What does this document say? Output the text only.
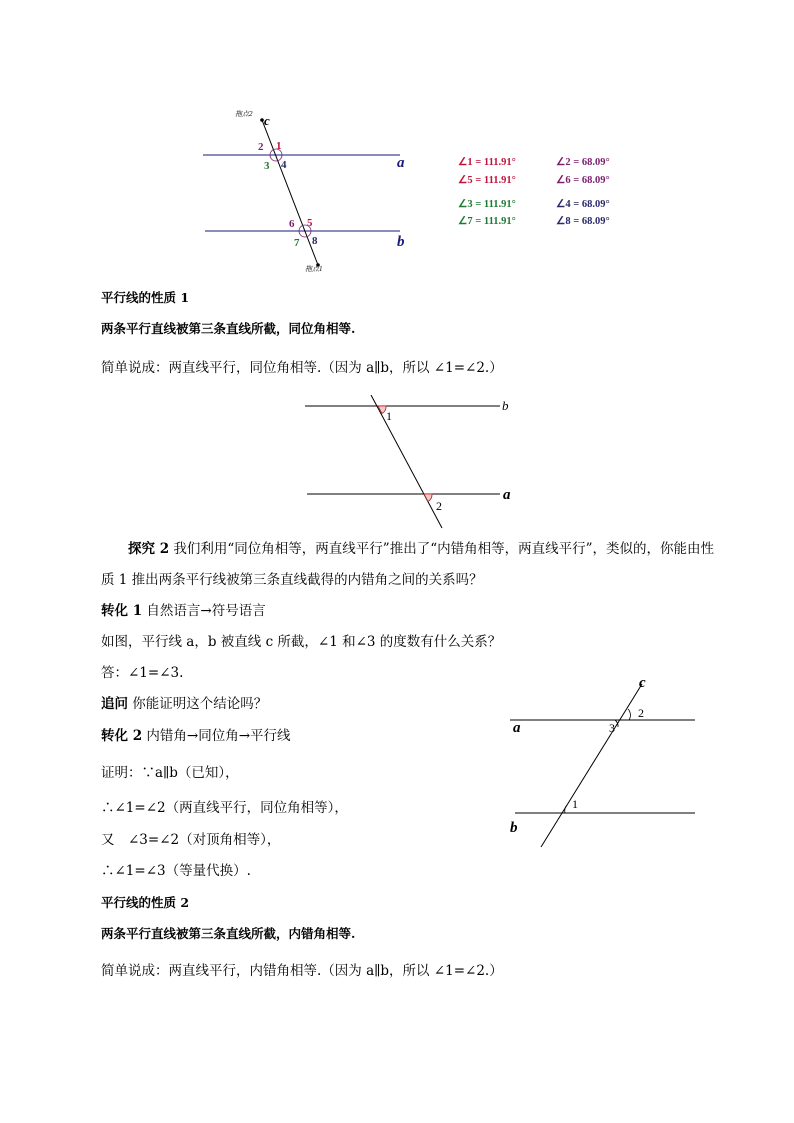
拖点2
拖点1
c
a
b
1
2
3 4
5
6
7 8
∠1 = 111.91°	∠2 = 68.09°
∠5 = 111.91°	∠6 = 68.09°
∠3 = 111.91°	∠4 = 68.09°
∠7 = 111.91°	∠8 = 68.09°
平行线的性质 1
两条平行直线被第三条直线所截，同位角相等.
简单说成：两直线平行，同位角相等.（因为 a∥b，所以 ∠1=∠2.）
b
a
1
2
探究 2 我们利用“同位角相等，两直线平行”推出了“内错角相等，两直线平行”，类似的，你能由性
质 1 推出两条平行线被第三条直线截得的内错角之间的关系吗？
转化 1 自然语言→符号语言
如图，平行线 a，b 被直线 c 所截，∠1 和∠3 的度数有什么关系？
答：∠1=∠3.
追问 你能证明这个结论吗？
转化 2 内错角→同位角→平行线
证明：∵a∥b（已知），
∴∠1=∠2（两直线平行，同位角相等），
又　∠3=∠2（对顶角相等），
∴∠1=∠3（等量代换）.
c
a
b
2
3
1
平行线的性质 2
两条平行直线被第三条直线所截，内错角相等.
简单说成：两直线平行，内错角相等.（因为 a∥b，所以 ∠1=∠2.）
